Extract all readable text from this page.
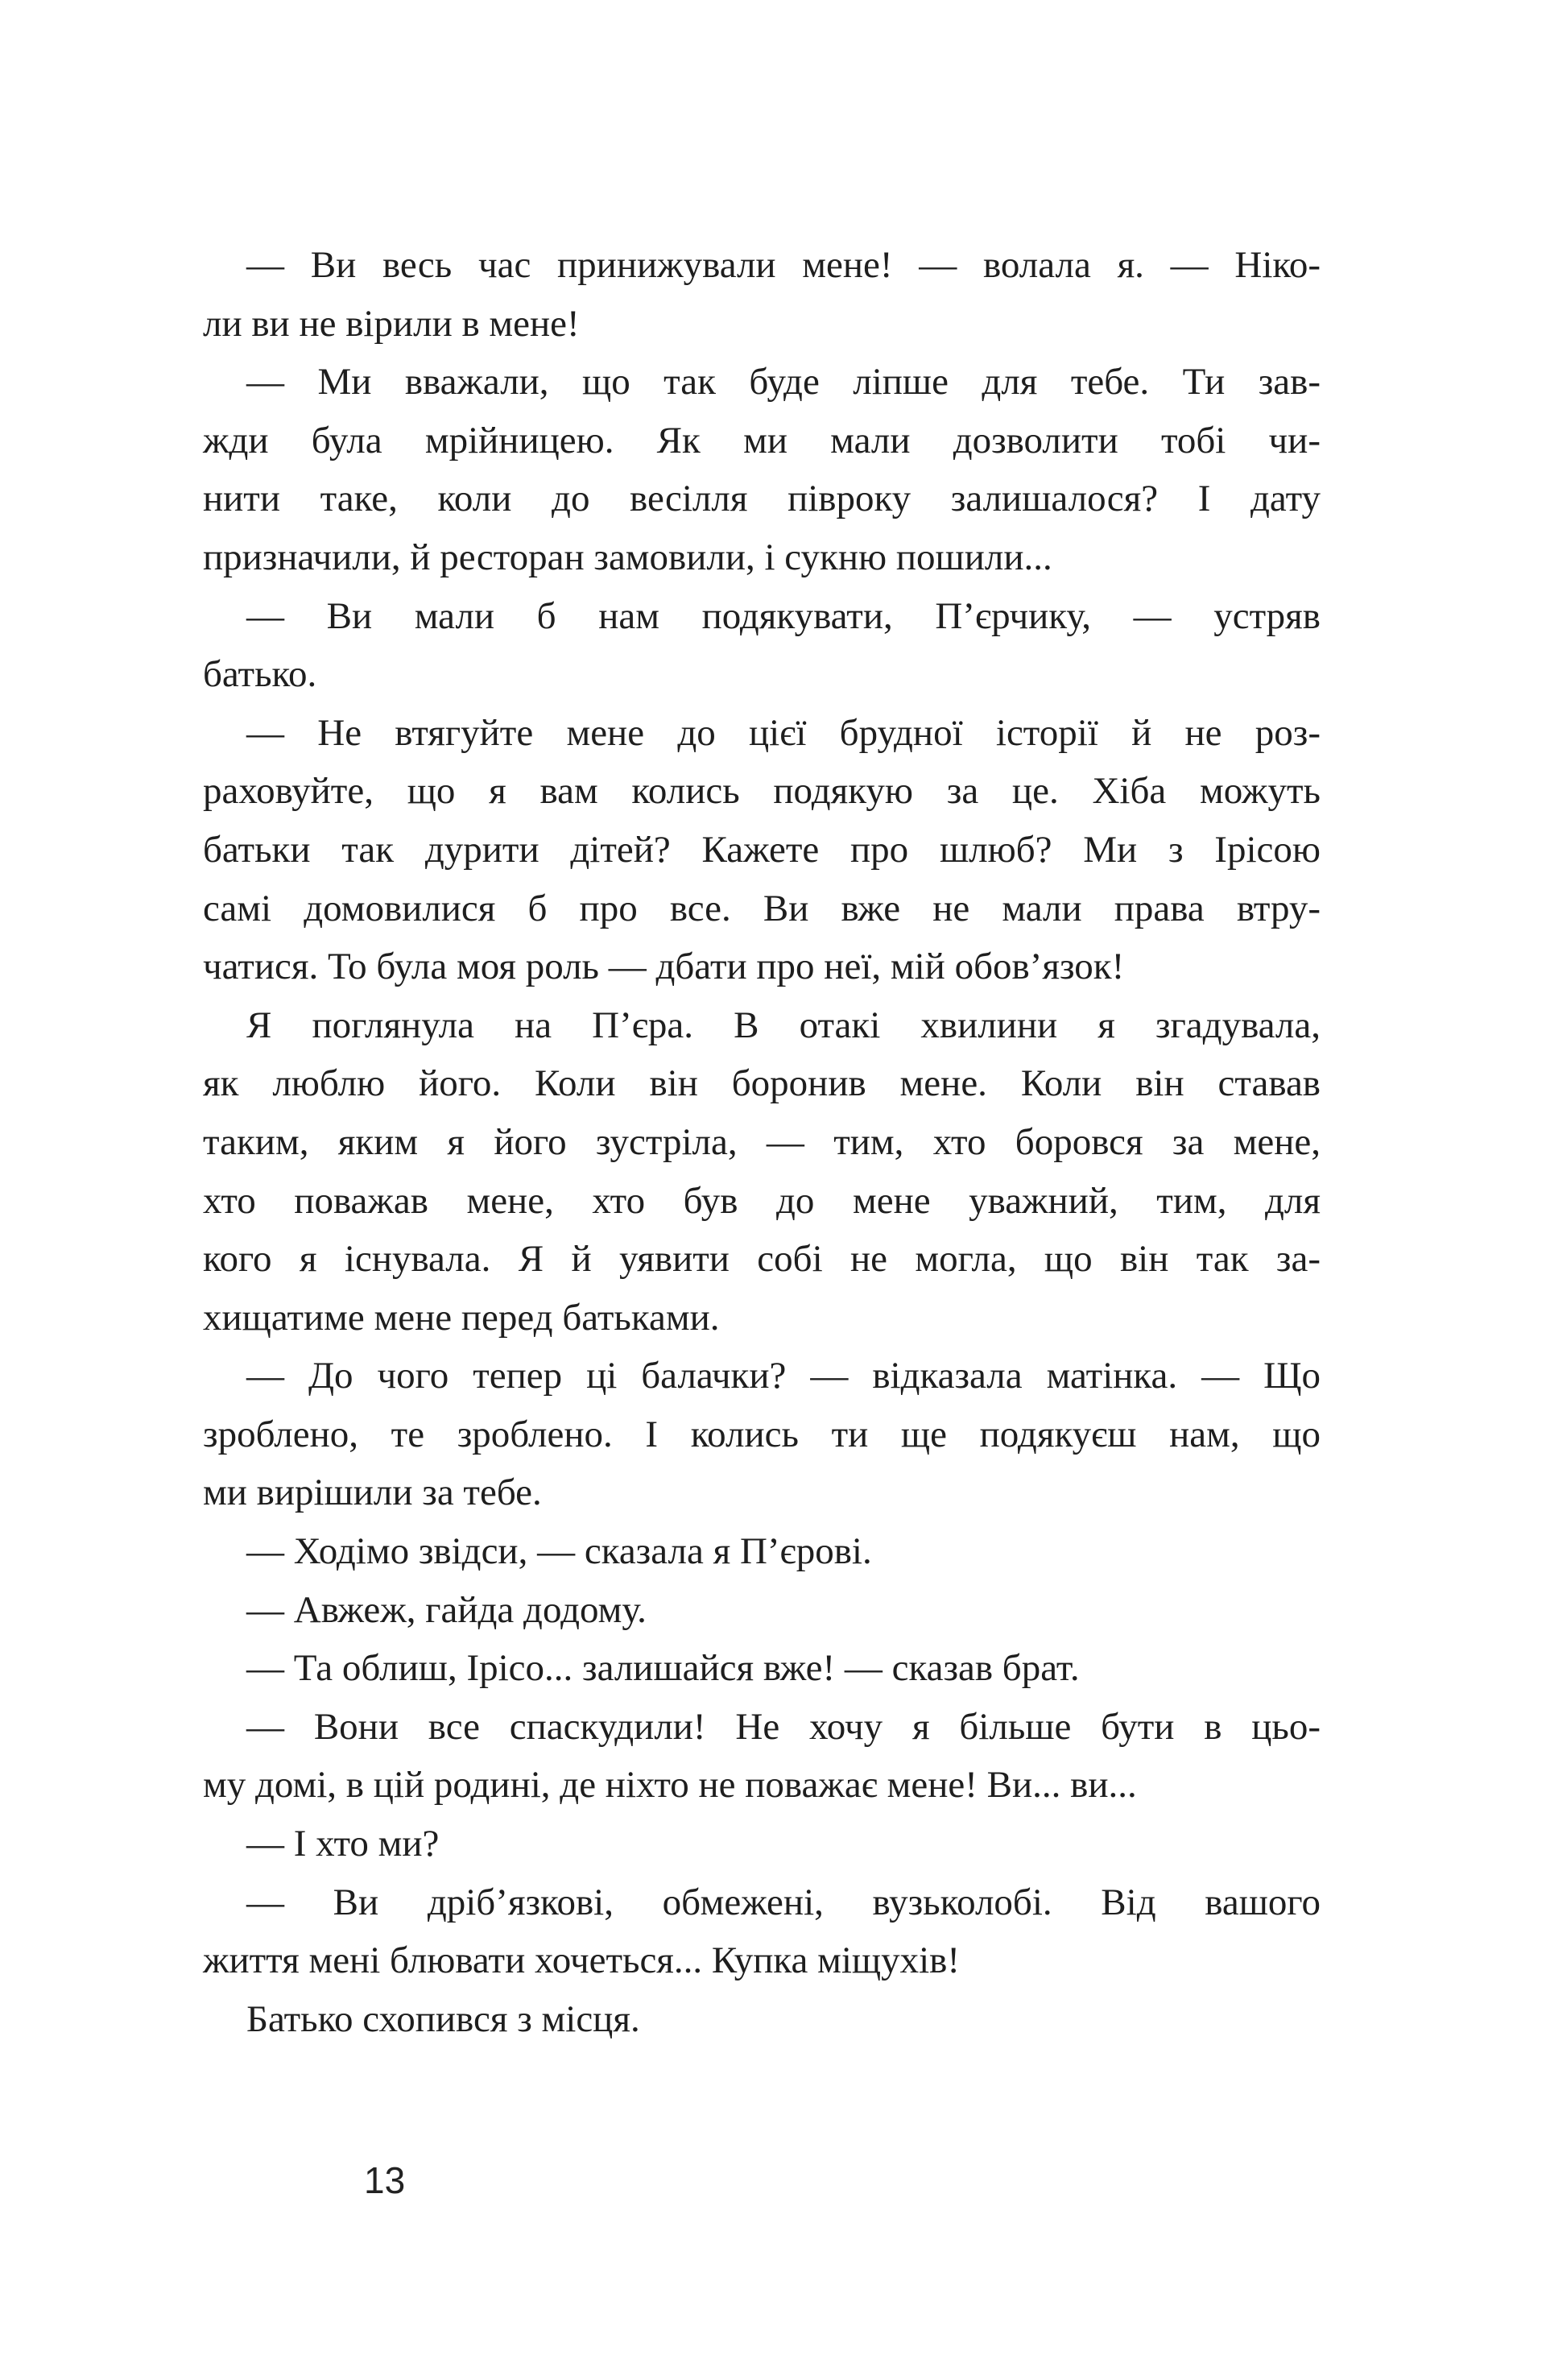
— Ви весь час принижували мене! — волала я. — Ніко-
ли ви не вірили в мене!
— Ми вважали, що так буде ліпше для тебе. Ти зав-
жди була мрійницею. Як ми мали дозволити тобі чи-
нити таке, коли до весілля півроку залишалося? І дату
призначили, й ресторан замовили, і сукню пошили...
— Ви мали б нам подякувати, П’єрчику, — устряв
батько.
— Не втягуйте мене до цієї брудної історії й не роз-
раховуйте, що я вам колись подякую за це. Хіба можуть
батьки так дурити дітей? Кажете про шлюб? Ми з Ірісою
самі домовилися б про все. Ви вже не мали права втру-
чатися. То була моя роль — дбати про неї, мій обов’язок!
Я поглянула на П’єра. В отакі хвилини я згадувала,
як люблю його. Коли він боронив мене. Коли він ставав
таким, яким я його зустріла, — тим, хто боровся за мене,
хто поважав мене, хто був до мене уважний, тим, для
кого я існувала. Я й уявити собі не могла, що він так за-
хищатиме мене перед батьками.
— До чого тепер ці балачки? — відказала матінка. — Що
зроблено, те зроблено. І колись ти ще подякуєш нам, що
ми вирішили за тебе.
— Ходімо звідси, — сказала я П’єрові.
— Авжеж, гайда додому.
— Та облиш, Ірісо... залишайся вже! — сказав брат.
— Вони все спаскудили! Не хочу я більше бути в цьо-
му домі, в цій родині, де ніхто не поважає мене! Ви... ви...
— І хто ми?
— Ви дріб’язкові, обмежені, вузьколобі. Від вашого
життя мені блювати хочеться... Купка міщухів!
Батько схопився з місця.
13
